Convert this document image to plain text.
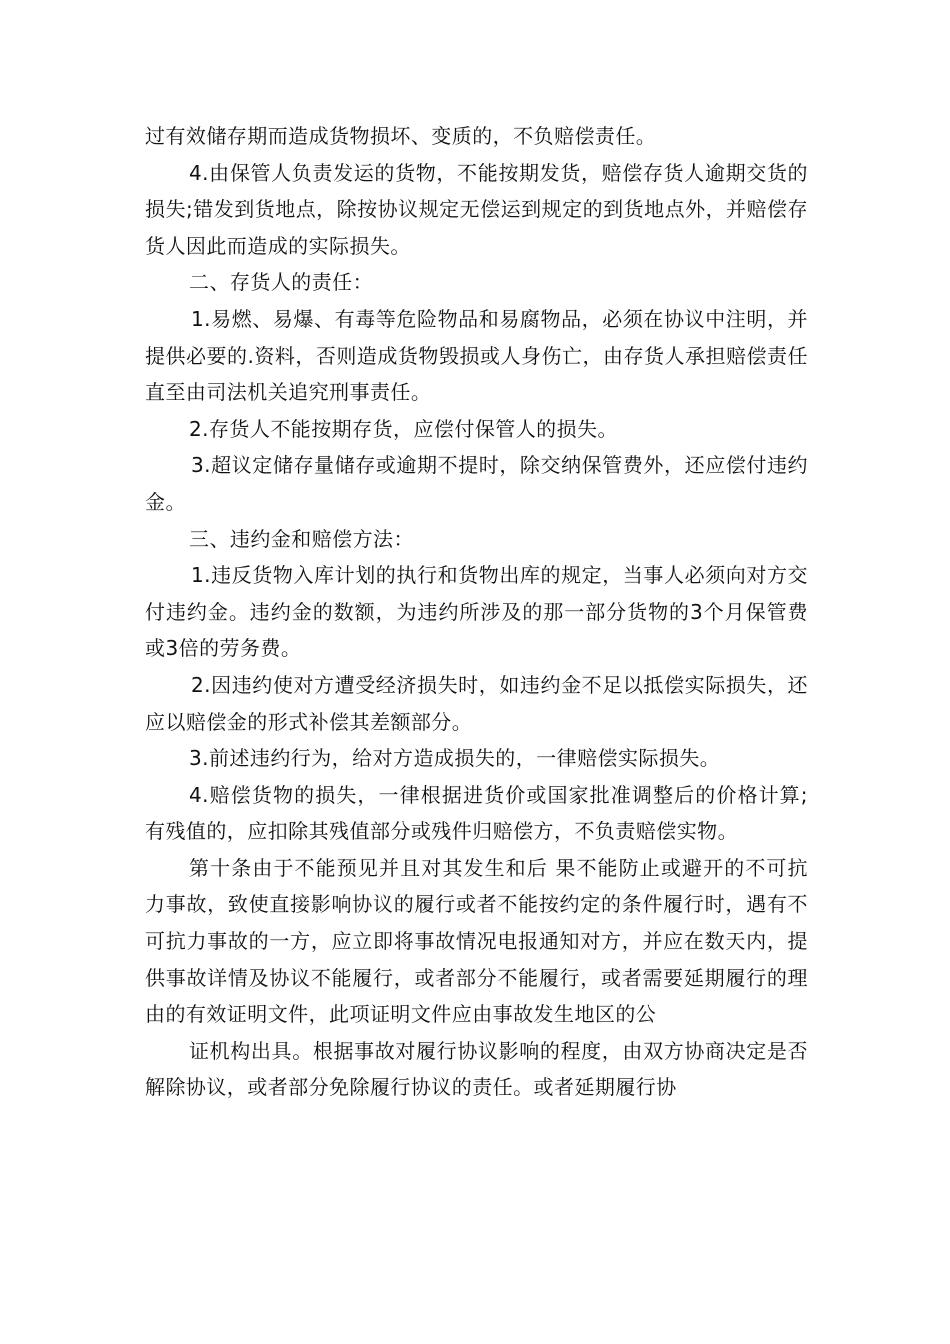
过有效储存期而造成货物损坏、变质的，不负赔偿责任。

4.由保管人负责发运的货物，不能按期发货，赔偿存货人逾期交货的损失;错发到货地点，除按协议规定无偿运到规定的到货地点外，并赔偿存货人因此而造成的实际损失。

二、存货人的责任：

1.易燃、易爆、有毒等危险物品和易腐物品，必须在协议中注明，并提供必要的.资料，否则造成货物毁损或人身伤亡，由存货人承担赔偿责任直至由司法机关追究刑事责任。

2.存货人不能按期存货，应偿付保管人的损失。

3.超议定储存量储存或逾期不提时，除交纳保管费外，还应偿付违约金。

三、违约金和赔偿方法：

1.违反货物入库计划的执行和货物出库的规定，当事人必须向对方交付违约金。违约金的数额，为违约所涉及的那一部分货物的3个月保管费或3倍的劳务费。

2.因违约使对方遭受经济损失时，如违约金不足以抵偿实际损失，还应以赔偿金的形式补偿其差额部分。

3.前述违约行为，给对方造成损失的，一律赔偿实际损失。

4.赔偿货物的损失，一律根据进货价或国家批准调整后的价格计算;有残值的，应扣除其残值部分或残件归赔偿方，不负责赔偿实物。

第十条由于不能预见并且对其发生和后 果不能防止或避开的不可抗力事故，致使直接影响协议的履行或者不能按约定的条件履行时，遇有不可抗力事故的一方，应立即将事故情况电报通知对方，并应在数天内，提供事故详情及协议不能履行，或者部分不能履行，或者需要延期履行的理由的有效证明文件，此项证明文件应由事故发生地区的公

证机构出具。根据事故对履行协议影响的程度，由双方协商决定是否解除协议，或者部分免除履行协议的责任。或者延期履行协
